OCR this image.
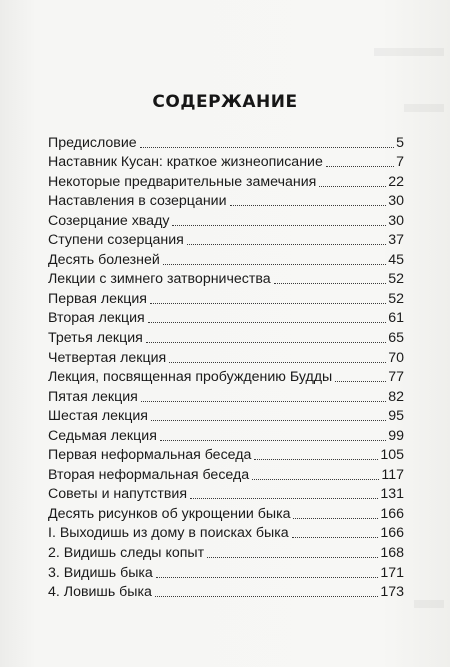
СОДЕРЖАНИЕ
Предисловие	5
Наставник Кусан: краткое жизнеописание	7
Некоторые предварительные замечания	22
Наставления в созерцании	30
Созерцание хваду	30
Ступени созерцания	37
Десять болезней	45
Лекции с зимнего затворничества	52
Первая лекция	52
Вторая лекция	61
Третья лекция	65
Четвертая лекция	70
Лекция, посвященная пробуждению Будды	77
Пятая лекция	82
Шестая лекция	95
Седьмая лекция	99
Первая неформальная беседа	105
Вторая неформальная беседа	117
Советы и напутствия	131
Десять рисунков об укрощении быка	166
I. Выходишь из дому в поисках быка	166
2. Видишь следы копыт	168
3. Видишь быка	171
4. Ловишь быка	173
